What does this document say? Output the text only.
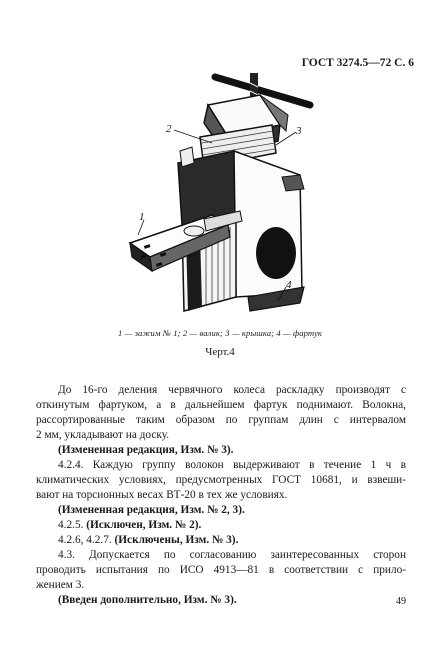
ГОСТ 3274.5—72 С. 6
1
2	3
4
1 — зажим № 1; 2 — валик; 3 — крышка; 4 — фартук
Черт.4

До 16-го деления червячного колеса раскладку производят с

откинутым фартуком, а в дальнейшем фартук поднимают. Волокна,

рассортированные таким образом по группам длин с интервалом

2 мм, укладывают на доску.

(Измененная редакция, Изм. № 3).

4.2.4. Каждую группу волокон выдерживают в течение 1 ч в

климатических условиях, предусмотренных ГОСТ 10681, и взвеши-

вают на торсионных весах ВТ-20 в тех же условиях.

(Измененная редакция, Изм. № 2, 3).

4.2.5. (Исключен, Изм. № 2).

4.2.6, 4.2.7. (Исключены, Изм. № 3).

4.3. Допускается по согласованию заинтересованных сторон

проводить испытания по ИСО 4913—81 в соответствии с прило-

жением 3.

(Введен дополнительно, Изм. № 3).	49
